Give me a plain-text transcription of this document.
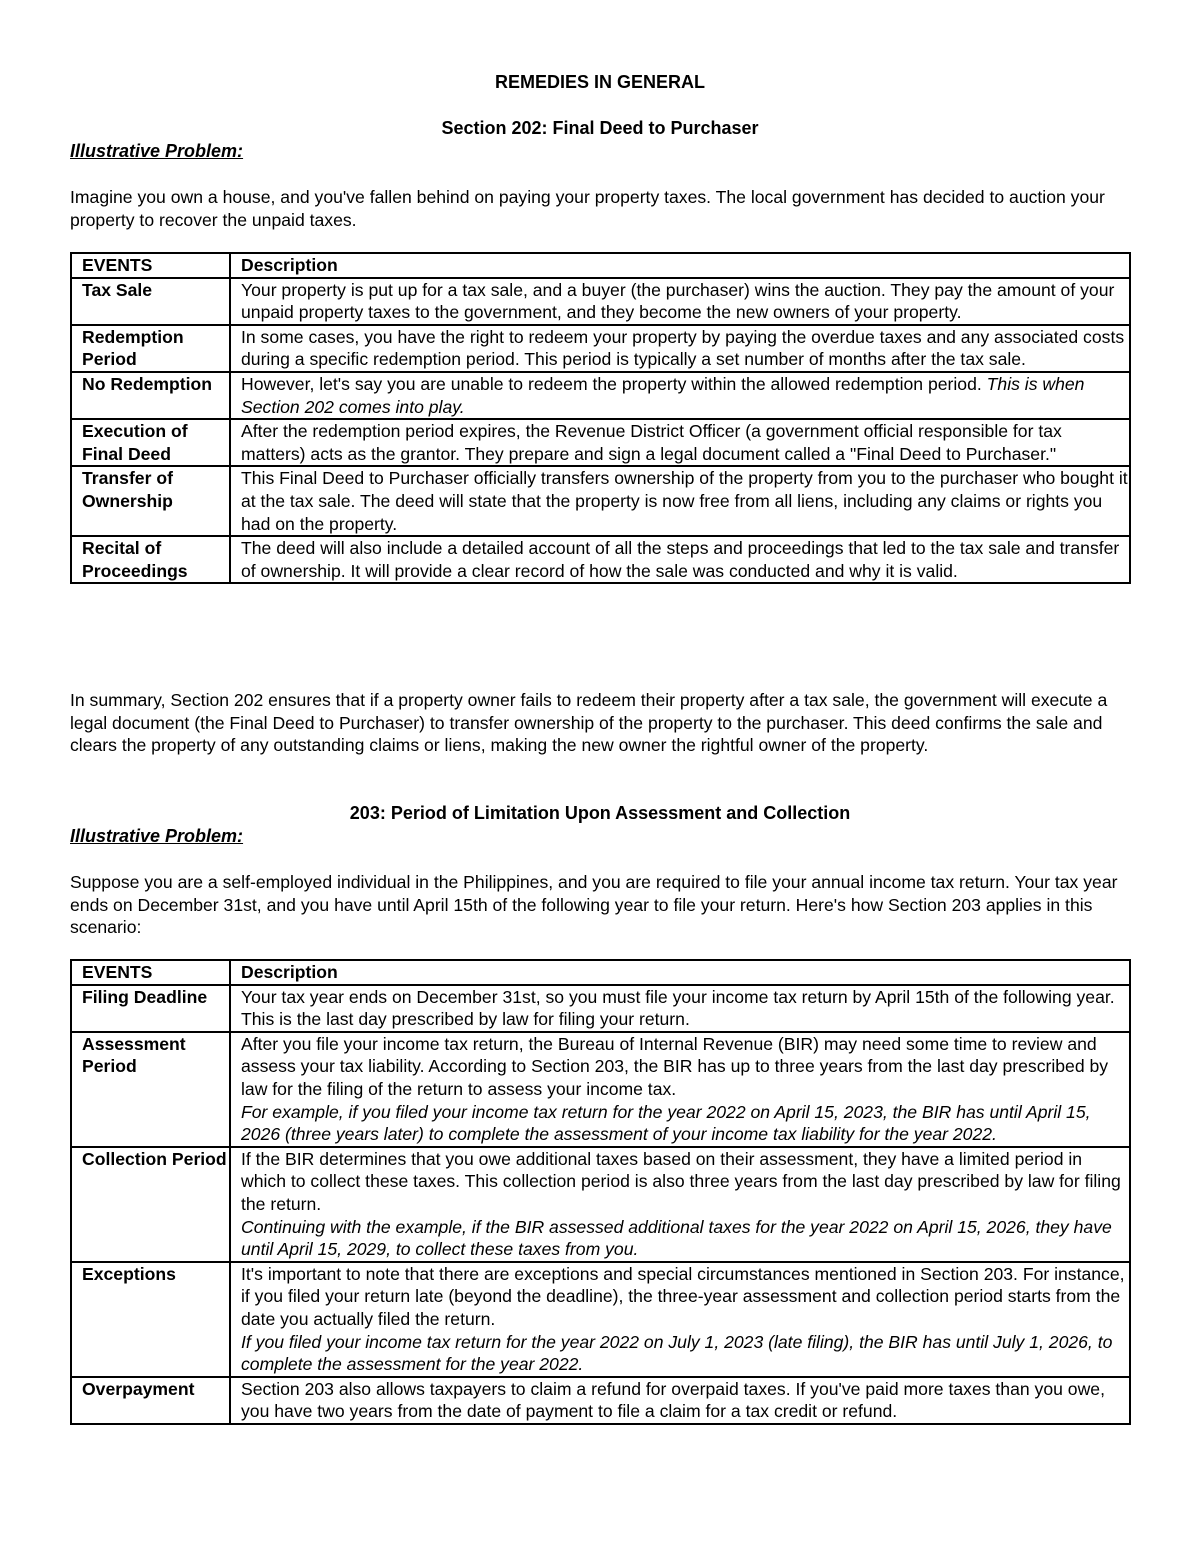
REMEDIES IN GENERAL
Section 202: Final Deed to Purchaser
Illustrative Problem:
Imagine you own a house, and you've fallen behind on paying your property taxes. The local government has decided to auction your property to recover the unpaid taxes.
EVENTS	Description
Tax Sale	Your property is put up for a tax sale, and a buyer (the purchaser) wins the auction. They pay the amount of your unpaid property taxes to the government, and they become the new owners of your property.
Redemption Period	In some cases, you have the right to redeem your property by paying the overdue taxes and any associated costs during a specific redemption period. This period is typically a set number of months after the tax sale.
No Redemption	However, let's say you are unable to redeem the property within the allowed redemption period. This is when Section 202 comes into play.
Execution of Final Deed	After the redemption period expires, the Revenue District Officer (a government official responsible for tax matters) acts as the grantor. They prepare and sign a legal document called a "Final Deed to Purchaser."
Transfer of Ownership	This Final Deed to Purchaser officially transfers ownership of the property from you to the purchaser who bought it at the tax sale. The deed will state that the property is now free from all liens, including any claims or rights you had on the property.
Recital of Proceedings	The deed will also include a detailed account of all the steps and proceedings that led to the tax sale and transfer of ownership. It will provide a clear record of how the sale was conducted and why it is valid.
In summary, Section 202 ensures that if a property owner fails to redeem their property after a tax sale, the government will execute a legal document (the Final Deed to Purchaser) to transfer ownership of the property to the purchaser. This deed confirms the sale and clears the property of any outstanding claims or liens, making the new owner the rightful owner of the property.
203: Period of Limitation Upon Assessment and Collection
Illustrative Problem:
Suppose you are a self-employed individual in the Philippines, and you are required to file your annual income tax return. Your tax year ends on December 31st, and you have until April 15th of the following year to file your return. Here's how Section 203 applies in this scenario:
EVENTS	Description
Filing Deadline	Your tax year ends on December 31st, so you must file your income tax return by April 15th of the following year. This is the last day prescribed by law for filing your return.
Assessment Period	After you file your income tax return, the Bureau of Internal Revenue (BIR) may need some time to review and assess your tax liability. According to Section 203, the BIR has up to three years from the last day prescribed by law for the filing of the return to assess your income tax.
For example, if you filed your income tax return for the year 2022 on April 15, 2023, the BIR has until April 15, 2026 (three years later) to complete the assessment of your income tax liability for the year 2022.

Collection Period	If the BIR determines that you owe additional taxes based on their assessment, they have a limited period in which to collect these taxes. This collection period is also three years from the last day prescribed by law for filing the return.
Continuing with the example, if the BIR assessed additional taxes for the year 2022 on April 15, 2026, they have until April 15, 2029, to collect these taxes from you.

Exceptions	It's important to note that there are exceptions and special circumstances mentioned in Section 203. For instance, if you filed your return late (beyond the deadline), the three-year assessment and collection period starts from the date you actually filed the return.
If you filed your income tax return for the year 2022 on July 1, 2023 (late filing), the BIR has until July 1, 2026, to complete the assessment for the year 2022.

Overpayment	Section 203 also allows taxpayers to claim a refund for overpaid taxes. If you've paid more taxes than you owe, you have two years from the date of payment to file a claim for a tax credit or refund.
